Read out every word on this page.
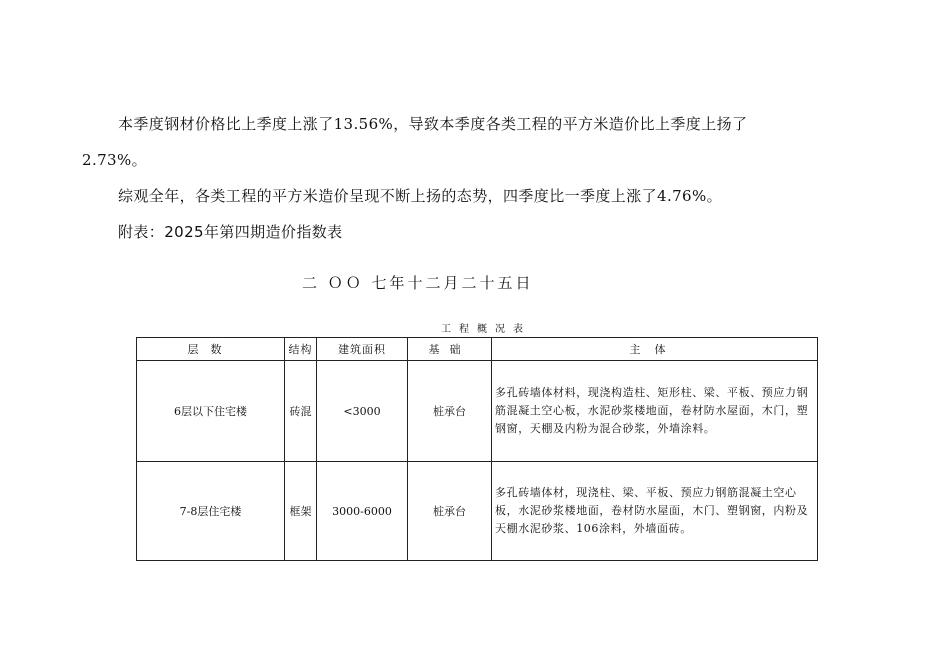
本季度钢材价格比上季度上涨了13.56%，导致本季度各类工程的平方米造价比上季度上扬了
2.73%。
综观全年，各类工程的平方米造价呈现不断上扬的态势，四季度比一季度上涨了4.76%。
附表：2025年第四期造价指数表
二 ＯＯ 七年十二月二十五日
工程概况表
层数	结构	建筑面积	基础	主体
6层以下住宅楼	砖混	<3000	桩承台	多孔砖墙体材料，现浇构造柱、矩形柱、梁、平板、预应力钢筋混凝土空心板，水泥砂浆楼地面，卷材防水屋面，木门，塑钢窗，天棚及内粉为混合砂浆，外墙涂料。
7-8层住宅楼	框架	3000-6000	桩承台	多孔砖墙体材，现浇柱、梁、平板、预应力钢筋混凝土空心板，水泥砂浆楼地面，卷材防水屋面，木门、塑钢窗，内粉及天棚水泥砂浆、106涂料，外墙面砖。
